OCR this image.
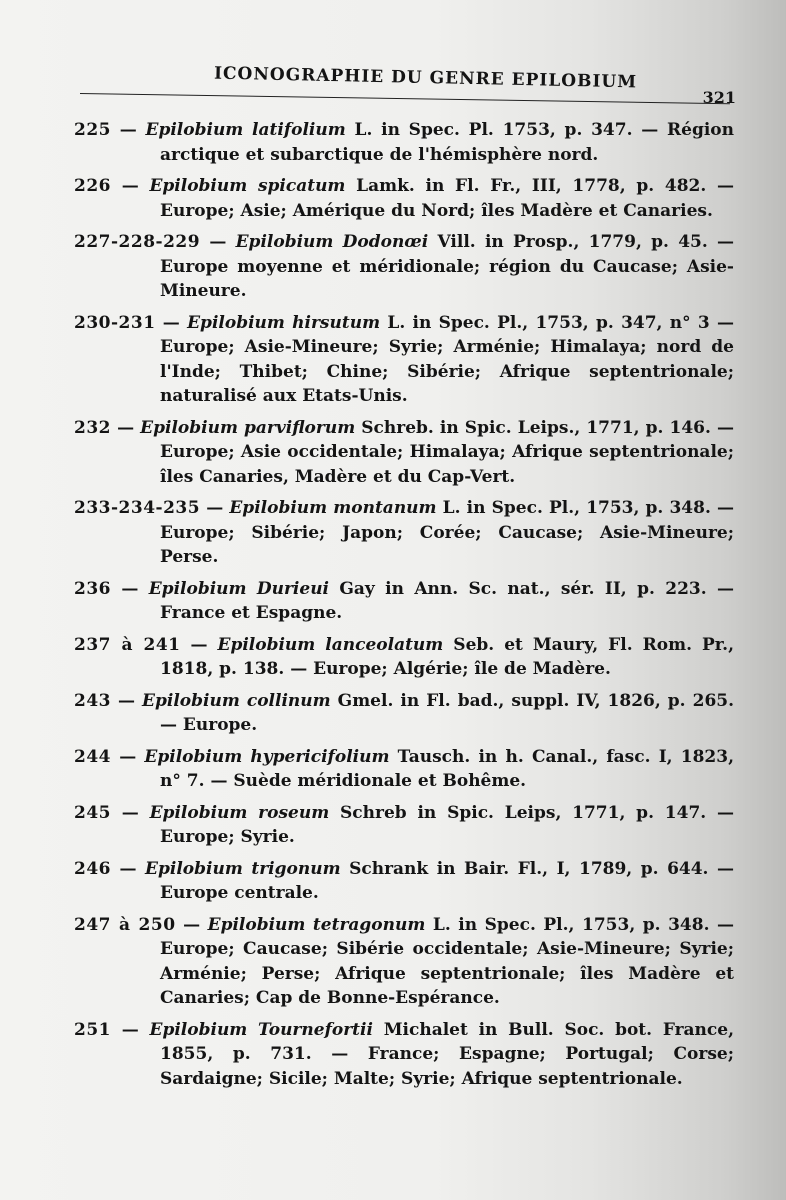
ICONOGRAPHIE DU GENRE EPILOBIUM
321
225 — Epilobium latifolium L. in Spec. Pl. 1753, p. 347. — Région arctique et subarctique de l'hémisphère nord.
226 — Epilobium spicatum Lamk. in Fl. Fr., III, 1778, p. 482. — Europe; Asie; Amérique du Nord; îles Madère et Canaries.
227-228-229 — Epilobium Dodonœi Vill. in Prosp., 1779, p. 45. — Europe moyenne et méridionale; région du Caucase; Asie-Mineure.
230-231 — Epilobium hirsutum L. in Spec. Pl., 1753, p. 347, n° 3 — Europe; Asie-Mineure; Syrie; Arménie; Himalaya; nord de l'Inde; Thibet; Chine; Sibérie; Afrique septentrionale; naturalisé aux Etats-Unis.
232 — Epilobium parviflorum Schreb. in Spic. Leips., 1771, p. 146. — Europe; Asie occidentale; Himalaya; Afrique septentrionale; îles Canaries, Madère et du Cap-Vert.
233-234-235 — Epilobium montanum L. in Spec. Pl., 1753, p. 348. — Europe; Sibérie; Japon; Corée; Caucase; Asie-Mineure; Perse.
236 — Epilobium Durieui Gay in Ann. Sc. nat., sér. II, p. 223. — France et Espagne.
237 à 241 — Epilobium lanceolatum Seb. et Maury, Fl. Rom. Pr., 1818, p. 138. — Europe; Algérie; île de Madère.
243 — Epilobium collinum Gmel. in Fl. bad., suppl. IV, 1826, p. 265. — Europe.
244 — Epilobium hypericifolium Tausch. in h. Canal., fasc. I, 1823, n° 7. — Suède méridionale et Bohême.
245 — Epilobium roseum Schreb in Spic. Leips, 1771, p. 147. — Europe; Syrie.
246 — Epilobium trigonum Schrank in Bair. Fl., I, 1789, p. 644. — Europe centrale.
247 à 250 — Epilobium tetragonum L. in Spec. Pl., 1753, p. 348. — Europe; Caucase; Sibérie occidentale; Asie-Mineure; Syrie; Arménie; Perse; Afrique septentrionale; îles Madère et Canaries; Cap de Bonne-Espérance.
251 — Epilobium Tournefortii Michalet in Bull. Soc. bot. France, 1855, p. 731. — France; Espagne; Portugal; Corse; Sardaigne; Sicile; Malte; Syrie; Afrique septentrionale.
